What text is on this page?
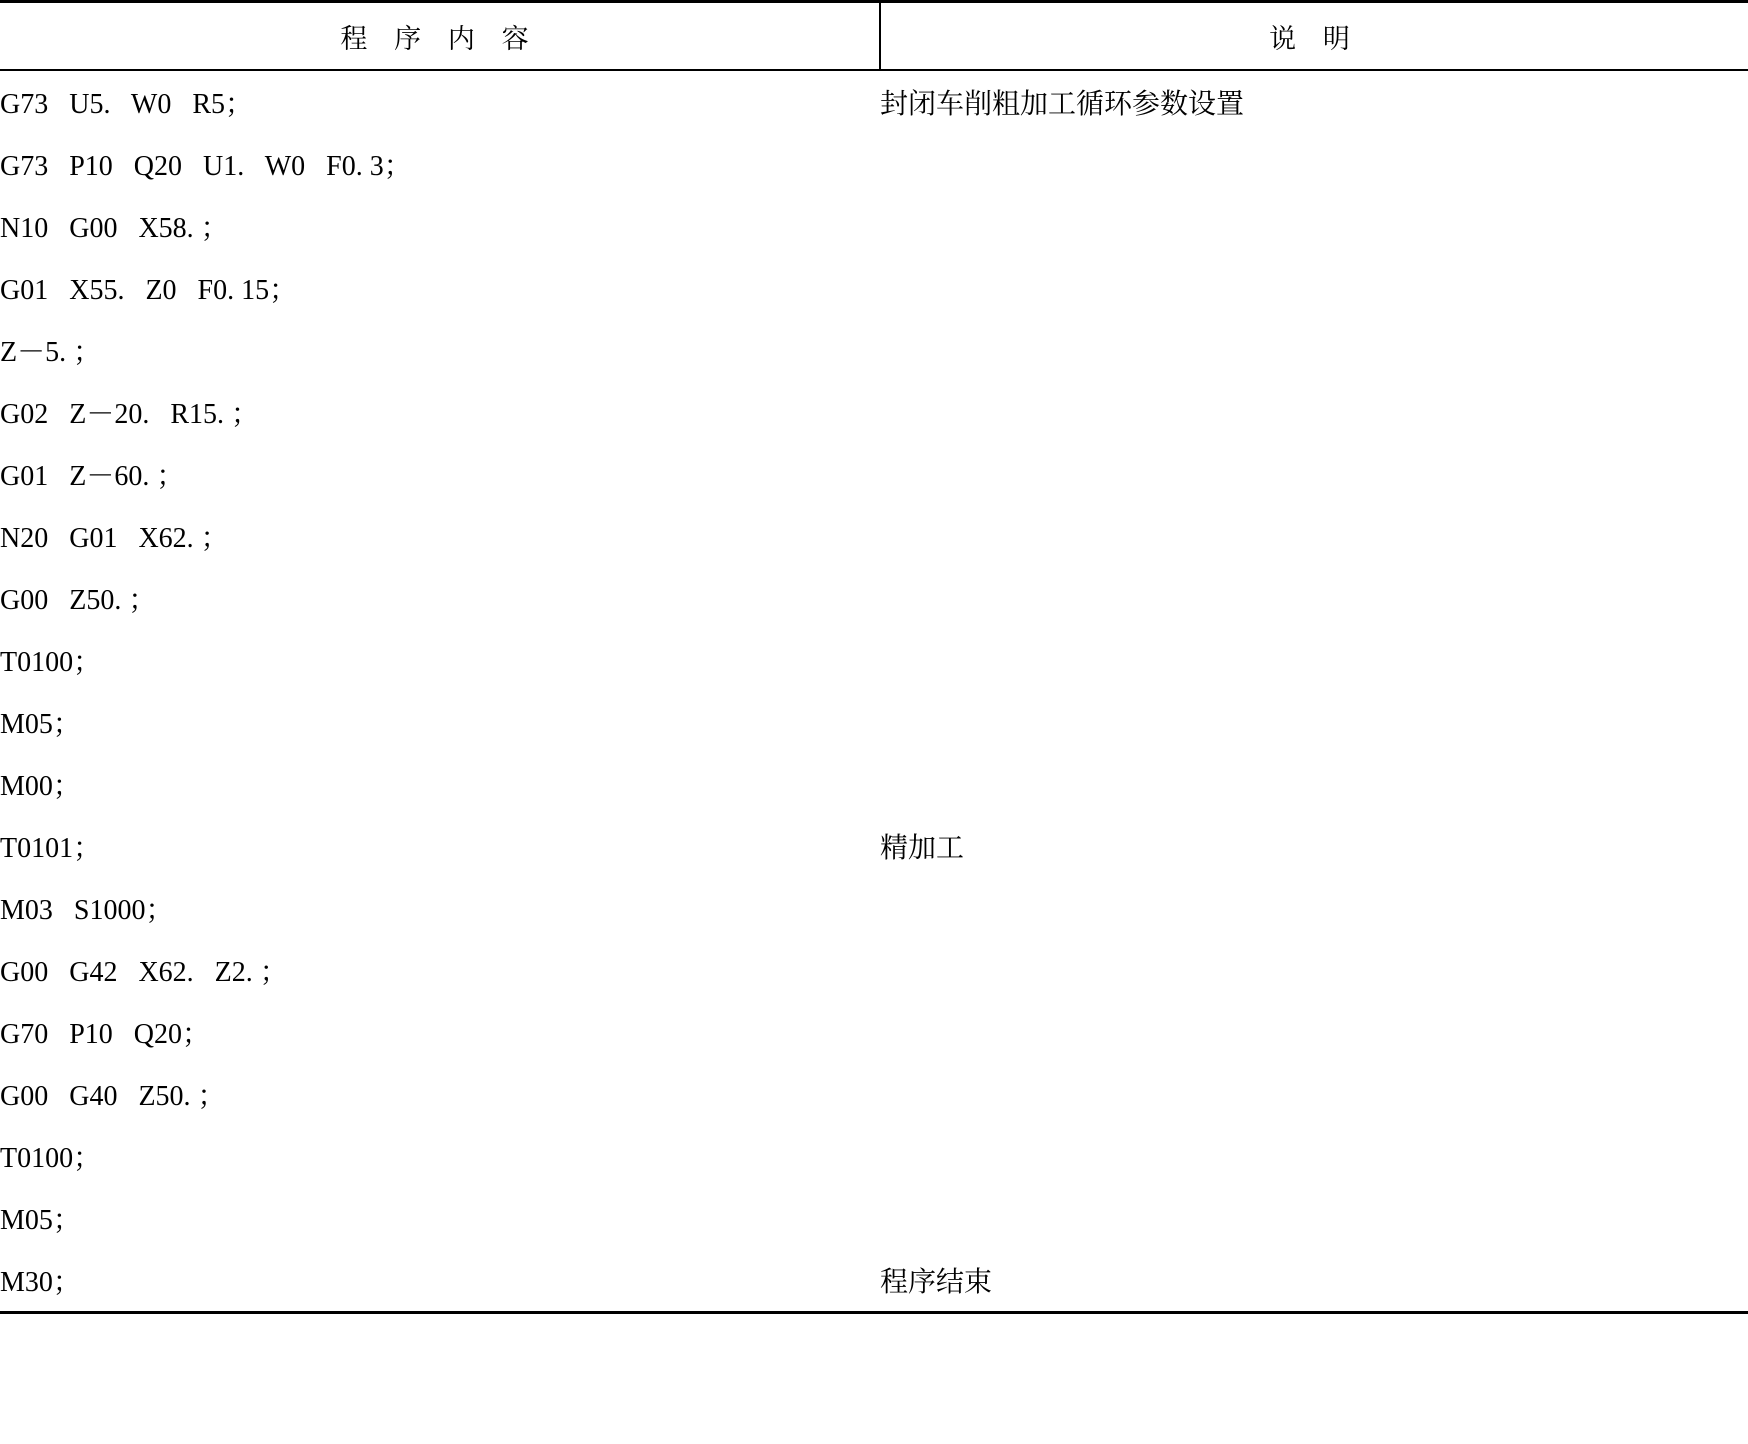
程 序 内 容	说 明
G73   U5.   W0   R5；	封闭车削粗加工循环参数设置
G73   P10   Q20   U1.   W0   F0. 3；	
N10   G00   X58. ；	
G01   X55.   Z0   F0. 15；	
Z－5. ；	
G02   Z－20.   R15. ；	
G01   Z－60. ；	
N20   G01   X62. ；	
G00   Z50. ；	
T0100；	
M05；	
M00；	
T0101；	精加工
M03   S1000；	
G00   G42   X62.   Z2. ；	
G70   P10   Q20；	
G00   G40   Z50. ；	
T0100；	
M05；	
M30；	程序结束
